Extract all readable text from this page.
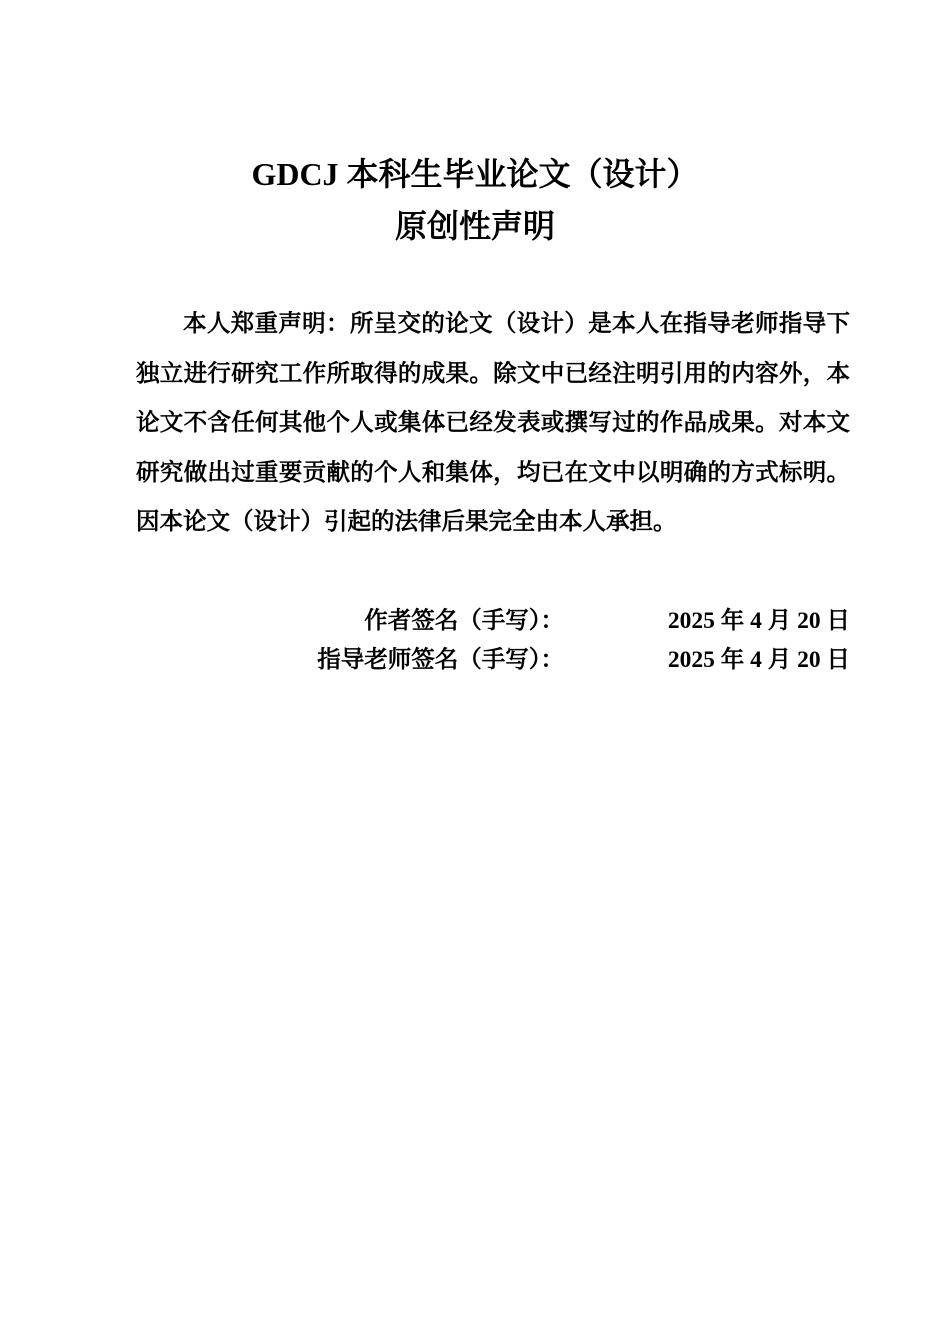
GDCJ 本科生毕业论文（设计）
原创性声明
本人郑重声明：所呈交的论文（设计）是本人在指导老师指导下独立进行研究工作所取得的成果。除文中已经注明引用的内容外，本论文不含任何其他个人或集体已经发表或撰写过的作品成果。对本文研究做出过重要贡献的个人和集体，均已在文中以明确的方式标明。因本论文（设计）引起的法律后果完全由本人承担。
作者签名（手写）：	2025 年 4 月 20 日
指导老师签名（手写）：	2025 年 4 月 20 日
